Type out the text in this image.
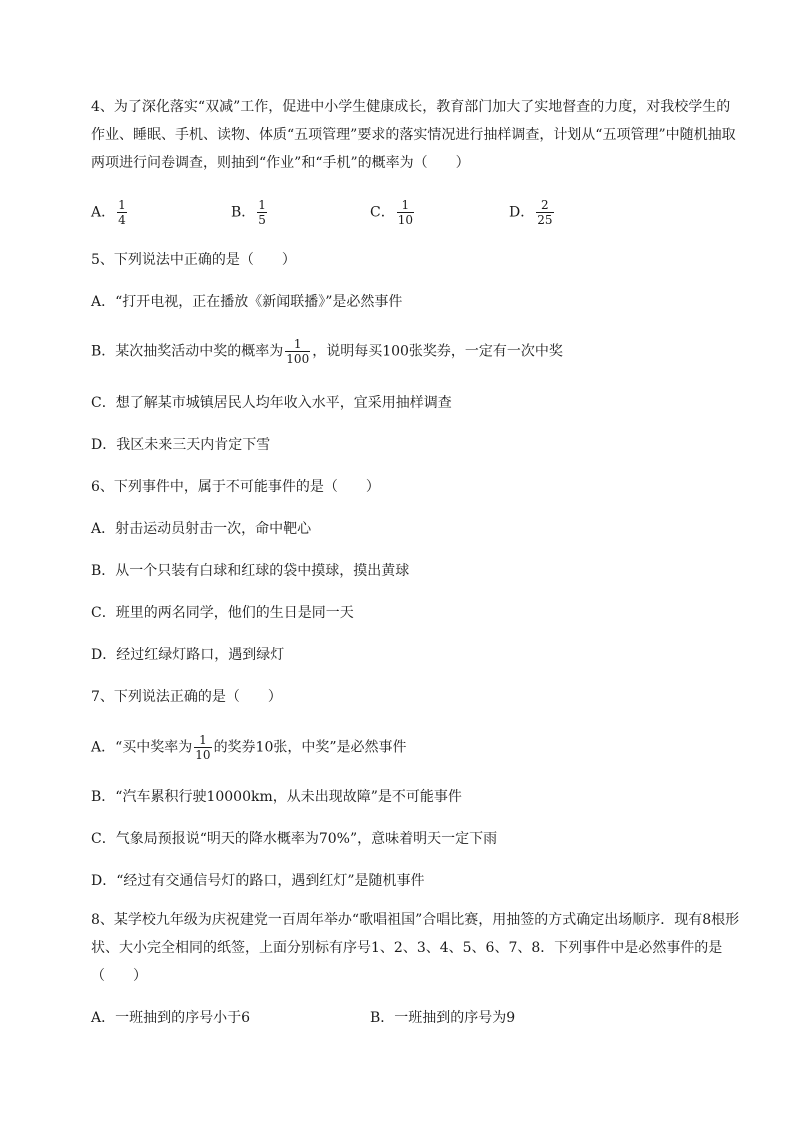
4、为了深化落实“双减”工作，促进中小学生健康成长，教育部门加大了实地督查的力度，对我校学生的作业、睡眠、手机、读物、体质“五项管理”要求的落实情况进行抽样调查，计划从“五项管理”中随机抽取两项进行问卷调查，则抽到“作业”和“手机”的概率为（　　）
A． $\frac{1}{4}$	B． $\frac{1}{5}$	C． $\frac{1}{10}$	D． $\frac{2}{25}$
5、下列说法中正确的是（　　）
A．“打开电视，正在播放《新闻联播》”是必然事件
B．某次抽奖活动中奖的概率为 $\frac{1}{100}$ ，说明每买100张奖券，一定有一次中奖
C．想了解某市城镇居民人均年收入水平，宜采用抽样调查
D．我区未来三天内肯定下雪
6、下列事件中，属于不可能事件的是（　　）
A．射击运动员射击一次，命中靶心
B．从一个只装有白球和红球的袋中摸球，摸出黄球
C．班里的两名同学，他们的生日是同一天
D．经过红绿灯路口，遇到绿灯
7、下列说法正确的是（　　）
A．“买中奖率为 $\frac{1}{10}$ 的奖券10张，中奖”是必然事件
B．“汽车累积行驶10000km，从未出现故障”是不可能事件
C．气象局预报说“明天的降水概率为70%”，意味着明天一定下雨
D．“经过有交通信号灯的路口，遇到红灯”是随机事件
8、某学校九年级为庆祝建党一百周年举办“歌唱祖国”合唱比赛，用抽签的方式确定出场顺序．现有8根形状、大小完全相同的纸签，上面分别标有序号1、2、3、4、5、6、7、8．下列事件中是必然事件的是（　　）
A．一班抽到的序号小于6	B．一班抽到的序号为9
